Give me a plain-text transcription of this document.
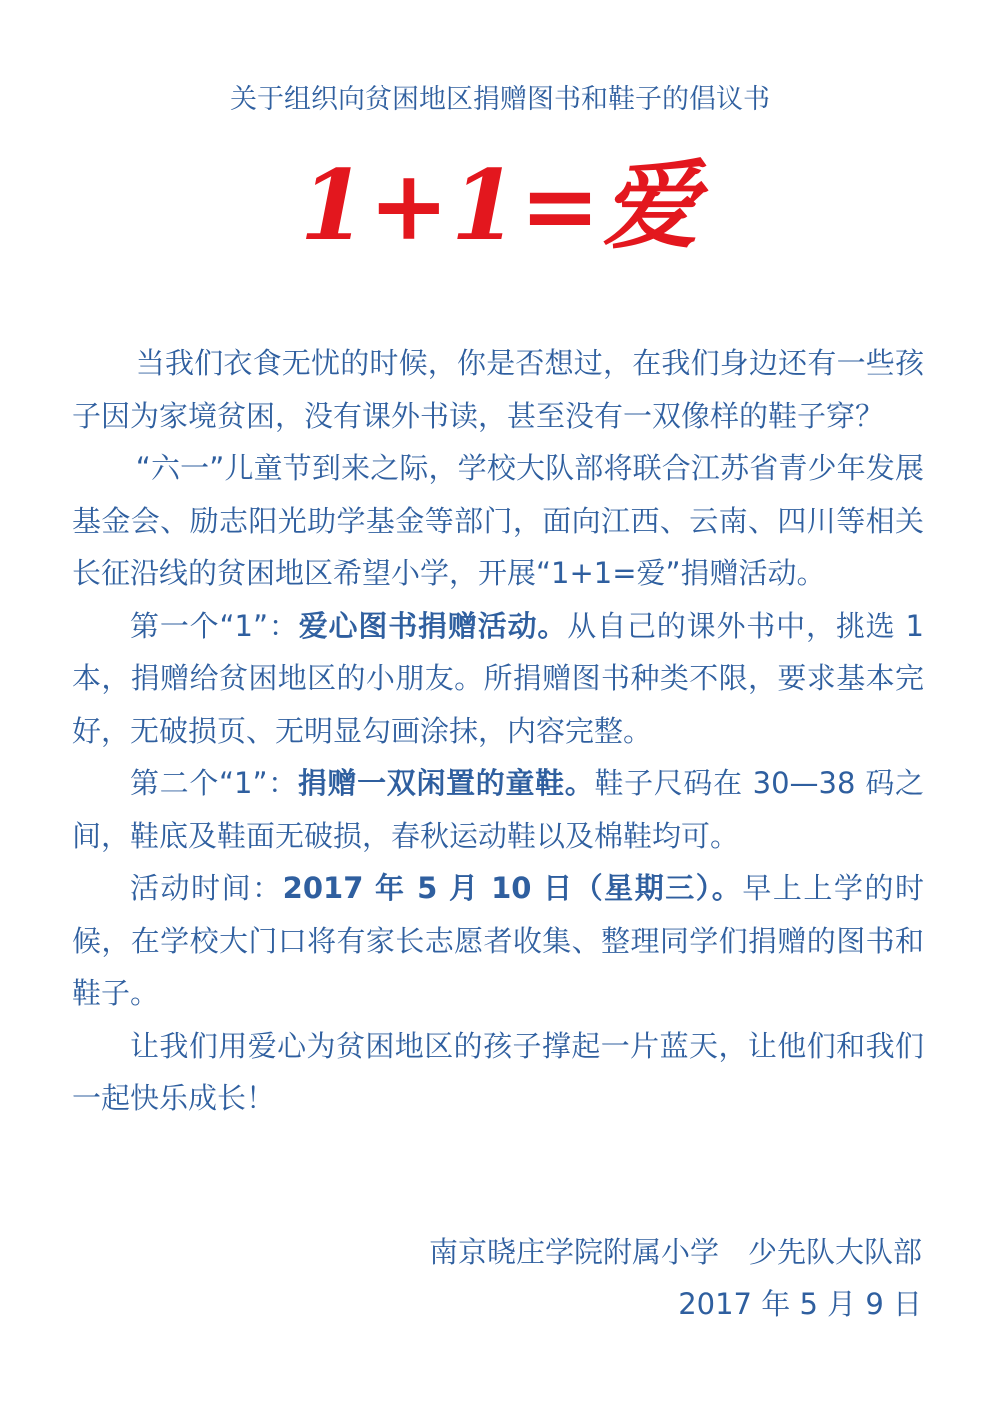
关于组织向贫困地区捐赠图书和鞋子的倡议书
1+1=爱

当我们衣食无忧的时候，你是否想过，在我们身边还有一些孩子因为家境贫困，没有课外书读，甚至没有一双像样的鞋子穿？

“六一”儿童节到来之际，学校大队部将联合江苏省青少年发展基金会、励志阳光助学基金等部门，面向江西、云南、四川等相关长征沿线的贫困地区希望小学，开展“1+1=爱”捐赠活动。

第一个“1”：爱心图书捐赠活动。从自己的课外书中，挑选 1 本，捐赠给贫困地区的小朋友。所捐赠图书种类不限，要求基本完好，无破损页、无明显勾画涂抹，内容完整。

第二个“1”：捐赠一双闲置的童鞋。鞋子尺码在 30—38 码之间，鞋底及鞋面无破损，春秋运动鞋以及棉鞋均可。

活动时间：2017 年 5 月 10 日（星期三）。早上上学的时候，在学校大门口将有家长志愿者收集、整理同学们捐赠的图书和鞋子。

让我们用爱心为贫困地区的孩子撑起一片蓝天，让他们和我们一起快乐成长！

南京晓庄学院附属小学　少先队大队部
2017 年 5 月 9 日
